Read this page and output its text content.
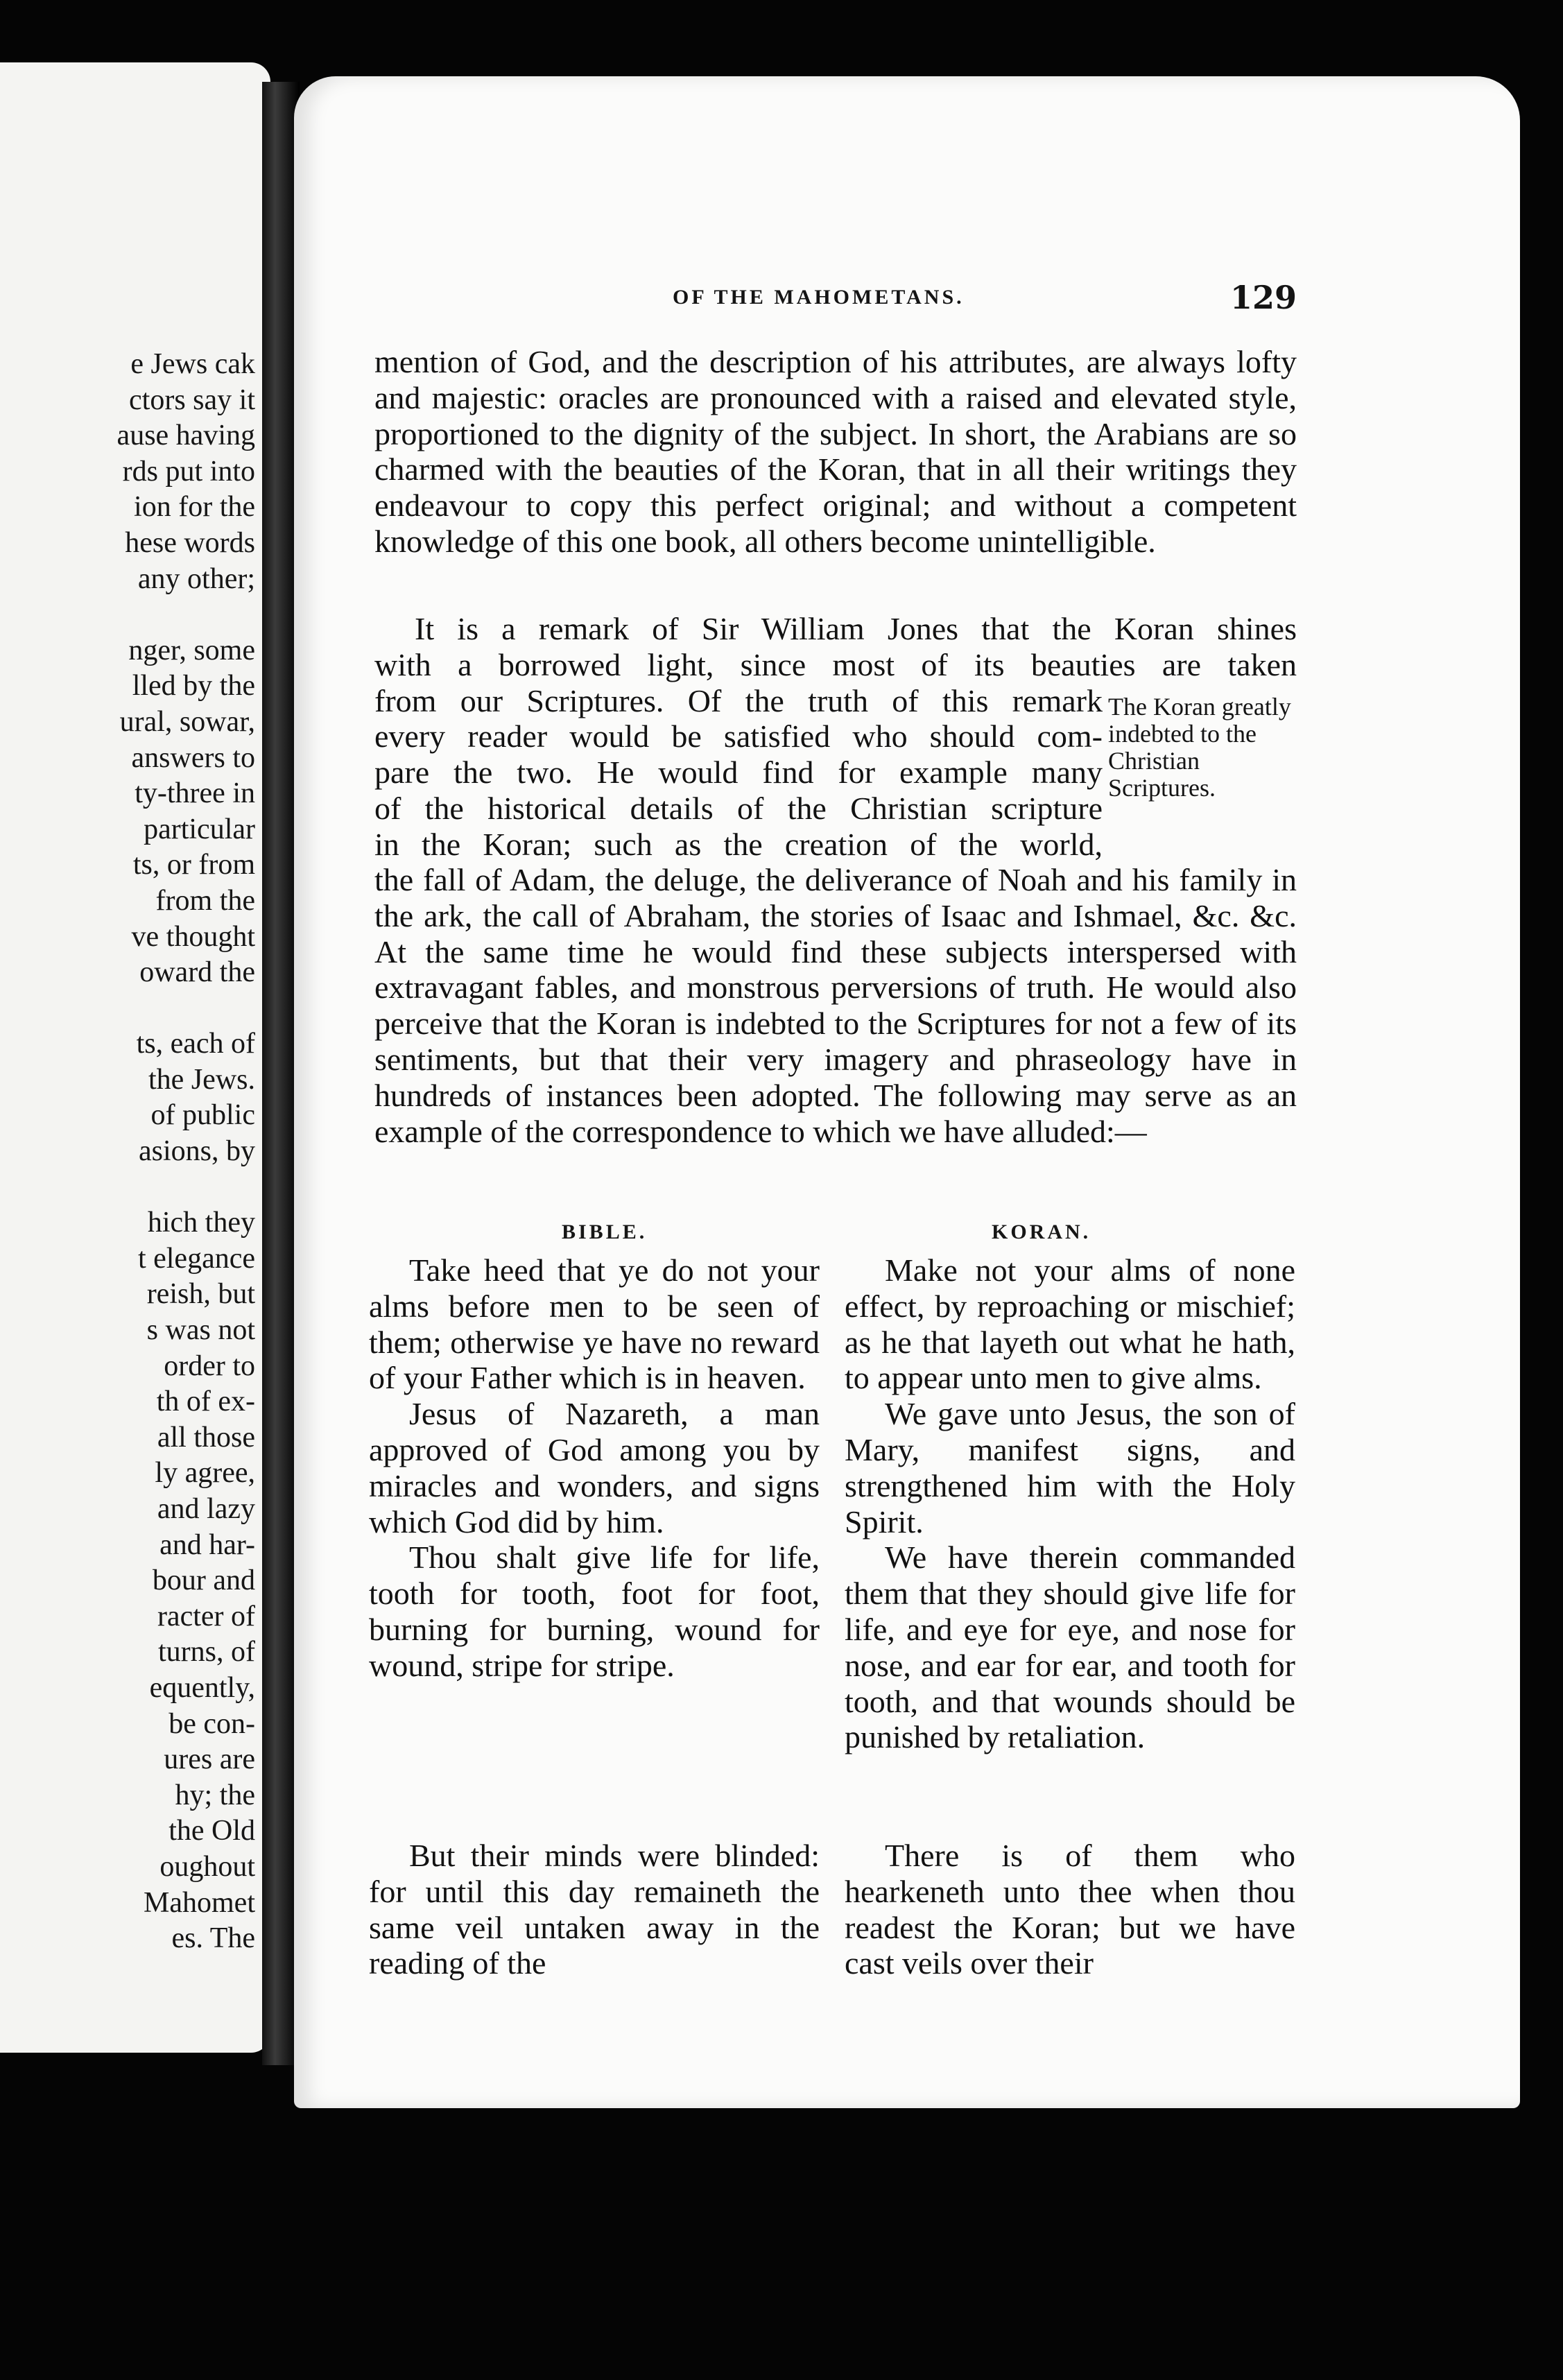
e Jews cak
ctors say it
ause having
rds put into
ion for the
hese words
any other;
nger, some
lled by the
ural, sowar,
answers to
ty-three in
particular
ts, or from
from the
ve thought
oward the
ts, each of
the Jews.
of public
asions, by
hich they
t elegance
reish, but
s was not
order to
th of ex-
all those
ly agree,
and lazy
and har-
bour and
racter of
turns, of
equently,
be con-
ures are
hy; the
the Old
oughout
Mahomet
es. The
OF THE MAHOMETANS.	129

mention of God, and the description of his attributes, are always lofty and majestic: oracles are pronounced with a raised and elevated style, proportioned to the dignity of the subject. In short, the Arabians are so charmed with the beauties of the Koran, that in all their writings they endeavour to copy this perfect original; and without a competent knowledge of this one book, all others become unintelligible.

It is a remark of Sir William Jones that the Koran shines
with a borrowed light, since most of its beauties are taken
from our Scriptures. Of the truth of this remark
every reader would be satisfied who should com-
pare the two. He would find for example many
of the historical details of the Christian scripture
in the Koran; such as the creation of the world,
The Koran greatly indebted to the Christian Scriptures.
the fall of Adam, the deluge, the deliverance of Noah and his family in the ark, the call of Abraham, the stories of Isaac and Ishmael, &c. &c. At the same time he would find these subjects interspersed with extravagant fables, and monstrous perversions of truth. He would also perceive that the Koran is indebted to the Scriptures for not a few of its sentiments, but that their very imagery and phraseology have in hundreds of instances been adopted. The following may serve as an example of the correspondence to which we have alluded:—
BIBLE.	KORAN.

Take heed that ye do not your alms before men to be seen of them; otherwise ye have no reward of your Father which is in heaven.

Jesus of Nazareth, a man approved of God among you by miracles and wonders, and signs which God did by him.

Thou shalt give life for life, tooth for tooth, foot for foot, burning for burning, wound for wound, stripe for stripe.

Make not your alms of none effect, by reproaching or mischief; as he that layeth out what he hath, to appear unto men to give alms.

We gave unto Jesus, the son of Mary, manifest signs, and strengthened him with the Holy Spirit.

We have therein commanded them that they should give life for life, and eye for eye, and nose for nose, and ear for ear, and tooth for tooth, and that wounds should be punished by retaliation.

But their minds were blinded: for until this day remaineth the same veil untaken away in the reading of the

There is of them who hearkeneth unto thee when thou readest the Koran; but we have cast veils over their
